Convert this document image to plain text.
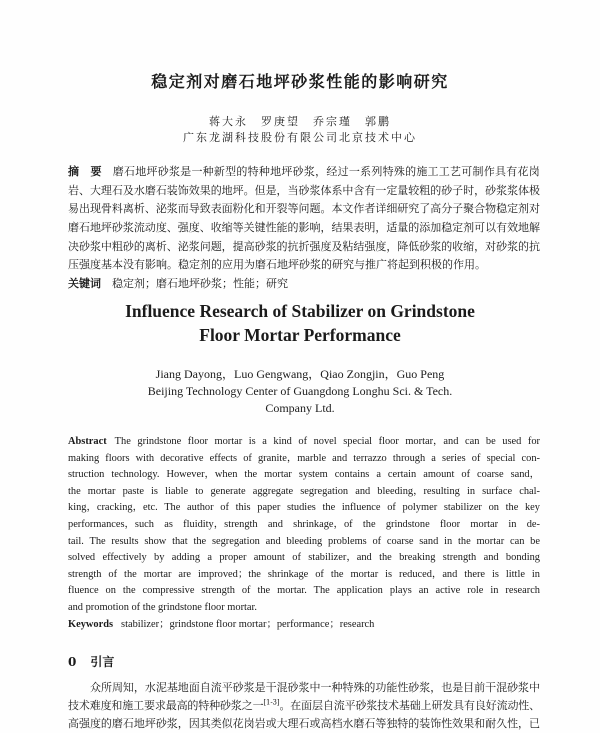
稳定剂对磨石地坪砂浆性能的影响研究
蒋大永　罗庚望　乔宗瑾　郭鹏
广东龙湖科技股份有限公司北京技术中心
摘　要 磨石地坪砂浆是一种新型的特种地坪砂浆，经过一系列特殊的施工工艺可制作具有花岗
岩、大理石及水磨石装饰效果的地坪。但是，当砂浆体系中含有一定量较粗的砂子时，砂浆浆体极
易出现骨料离析、泌浆而导致表面粉化和开裂等问题。本文作者详细研究了高分子聚合物稳定剂对
磨石地坪砂浆流动度、强度、收缩等关键性能的影响，结果表明，适量的添加稳定剂可以有效地解
决砂浆中粗砂的离析、泌浆问题，提高砂浆的抗折强度及粘结强度，降低砂浆的收缩，对砂浆的抗
压强度基本没有影响。稳定剂的应用为磨石地坪砂浆的研究与推广将起到积极的作用。
关键词 稳定剂；磨石地坪砂浆；性能；研究
Influence Research of Stabilizer on Grindstone
Floor Mortar Performance
Jiang Dayong，Luo Gengwang，Qiao Zongjin，Guo Peng
Beijing Technology Center of Guangdong Longhu Sci. & Tech.
Company Ltd.
Abstract The grindstone floor mortar is a kind of novel special floor mortar，and can be used for
making floors with decorative effects of granite，marble and terrazzo through a series of special con-
struction technology. However，when the mortar system contains a certain amount of coarse sand，
the mortar paste is liable to generate aggregate segregation and bleeding，resulting in surface chal-
king，cracking，etc. The author of this paper studies the influence of polymer stabilizer on the key
performances，such as fluidity，strength and shrinkage，of the grindstone floor mortar in de-
tail. The results show that the segregation and bleeding problems of coarse sand in the mortar can be
solved effectively by adding a proper amount of stabilizer，and the breaking strength and bonding
strength of the mortar are improved；the shrinkage of the mortar is reduced，and there is little in
fluence on the compressive strength of the mortar. The application plays an active role in research
and promotion of the grindstone floor mortar.
Keywords stabilizer；grindstone floor mortar；performance；research
0 引言
众所周知，水泥基地面自流平砂浆是干混砂浆中一种特殊的功能性砂浆，也是目前干混砂浆中
技术难度和施工要求最高的特种砂浆之一[1-3]。在面层自流平砂浆技术基础上研发具有良好流动性、
高强度的磨石地坪砂浆，因其类似花岗岩或大理石或高档水磨石等独特的装饰性效果和耐久性，已
